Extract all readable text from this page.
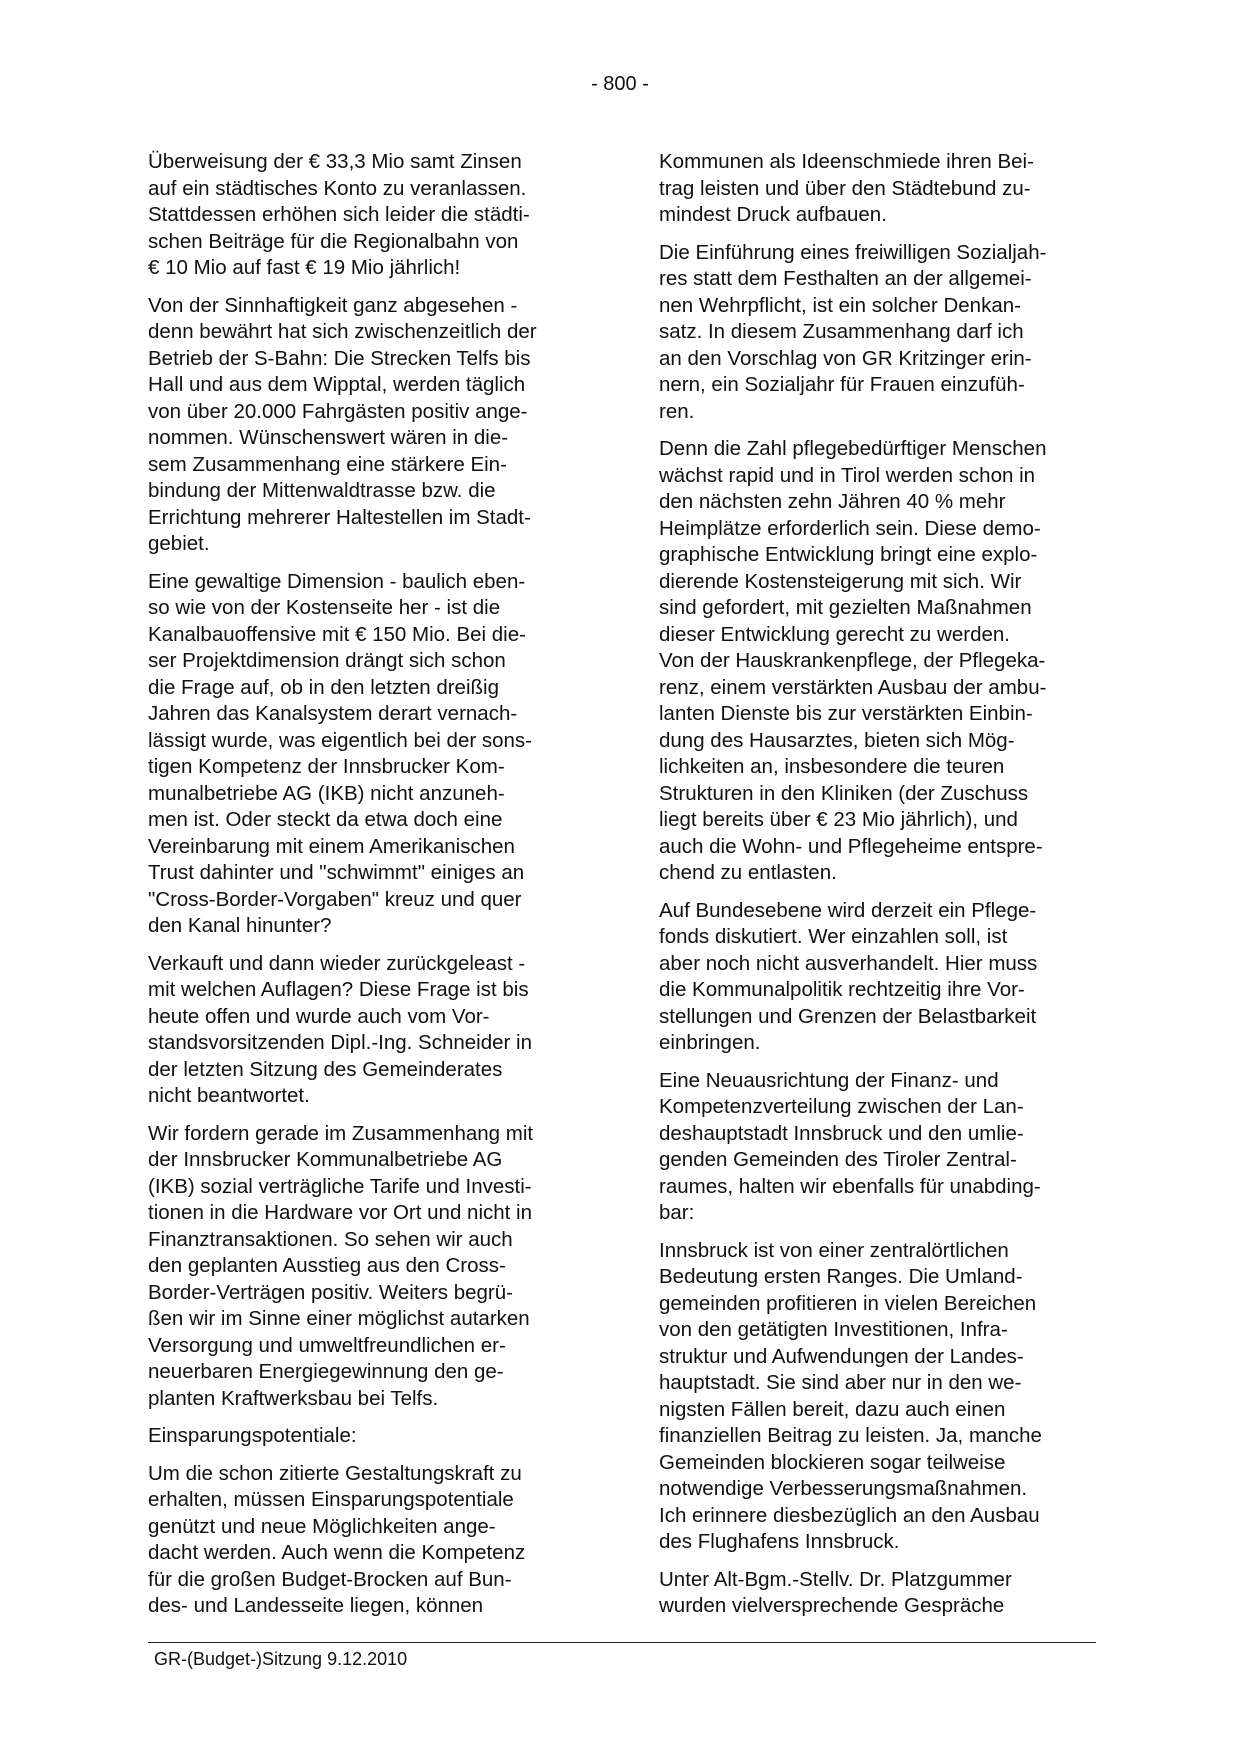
- 800 -

Überweisung der € 33,3 Mio samt Zinsen
auf ein städtisches Konto zu veranlassen.
Stattdessen erhöhen sich leider die städti-
schen Beiträge für die Regionalbahn von
€ 10 Mio auf fast € 19 Mio jährlich!

Von der Sinnhaftigkeit ganz abgesehen -
denn bewährt hat sich zwischenzeitlich der
Betrieb der S-Bahn: Die Strecken Telfs bis
Hall und aus dem Wipptal, werden täglich
von über 20.000 Fahrgästen positiv ange-
nommen. Wünschenswert wären in die-
sem Zusammenhang eine stärkere Ein-
bindung der Mittenwaldtrasse bzw. die
Errichtung mehrerer Haltestellen im Stadt-
gebiet.

Eine gewaltige Dimension - baulich eben-
so wie von der Kostenseite her - ist die
Kanalbauoffensive mit € 150 Mio. Bei die-
ser Projektdimension drängt sich schon
die Frage auf, ob in den letzten dreißig
Jahren das Kanalsystem derart vernach-
lässigt wurde, was eigentlich bei der sons-
tigen Kompetenz der Innsbrucker Kom-
munalbetriebe AG (IKB) nicht anzuneh-
men ist. Oder steckt da etwa doch eine
Vereinbarung mit einem Amerikanischen
Trust dahinter und "schwimmt" einiges an
"Cross-Border-Vorgaben" kreuz und quer
den Kanal hinunter?

Verkauft und dann wieder zurückgeleast -
mit welchen Auflagen? Diese Frage ist bis
heute offen und wurde auch vom Vor-
standsvorsitzenden Dipl.-Ing. Schneider in
der letzten Sitzung des Gemeinderates
nicht beantwortet.

Wir fordern gerade im Zusammenhang mit
der Innsbrucker Kommunalbetriebe AG
(IKB) sozial verträgliche Tarife und Investi-
tionen in die Hardware vor Ort und nicht in
Finanztransaktionen. So sehen wir auch
den geplanten Ausstieg aus den Cross-
Border-Verträgen positiv. Weiters begrü-
ßen wir im Sinne einer möglichst autarken
Versorgung und umweltfreundlichen er-
neuerbaren Energiegewinnung den ge-
planten Kraftwerksbau bei Telfs.

Einsparungspotentiale:

Um die schon zitierte Gestaltungskraft zu
erhalten, müssen Einsparungspotentiale
genützt und neue Möglichkeiten ange-
dacht werden. Auch wenn die Kompetenz
für die großen Budget-Brocken auf Bun-
des- und Landesseite liegen, können

Kommunen als Ideenschmiede ihren Bei-
trag leisten und über den Städtebund zu-
mindest Druck aufbauen.

Die Einführung eines freiwilligen Sozialjah-
res statt dem Festhalten an der allgemei-
nen Wehrpflicht, ist ein solcher Denkan-
satz. In diesem Zusammenhang darf ich
an den Vorschlag von GR Kritzinger erin-
nern, ein Sozialjahr für Frauen einzufüh-
ren.

Denn die Zahl pflegebedürftiger Menschen
wächst rapid und in Tirol werden schon in
den nächsten zehn Jähren 40 % mehr
Heimplätze erforderlich sein. Diese demo-
graphische Entwicklung bringt eine explo-
dierende Kostensteigerung mit sich. Wir
sind gefordert, mit gezielten Maßnahmen
dieser Entwicklung gerecht zu werden.
Von der Hauskrankenpflege, der Pflegeka-
renz, einem verstärkten Ausbau der ambu-
lanten Dienste bis zur verstärkten Einbin-
dung des Hausarztes, bieten sich Mög-
lichkeiten an, insbesondere die teuren
Strukturen in den Kliniken (der Zuschuss
liegt bereits über € 23 Mio jährlich), und
auch die Wohn- und Pflegeheime entspre-
chend zu entlasten.

Auf Bundesebene wird derzeit ein Pflege-
fonds diskutiert. Wer einzahlen soll, ist
aber noch nicht ausverhandelt. Hier muss
die Kommunalpolitik rechtzeitig ihre Vor-
stellungen und Grenzen der Belastbarkeit
einbringen.

Eine Neuausrichtung der Finanz- und
Kompetenzverteilung zwischen der Lan-
deshauptstadt Innsbruck und den umlie-
genden Gemeinden des Tiroler Zentral-
raumes, halten wir ebenfalls für unabding-
bar:

Innsbruck ist von einer zentralörtlichen
Bedeutung ersten Ranges. Die Umland-
gemeinden profitieren in vielen Bereichen
von den getätigten Investitionen, Infra-
struktur und Aufwendungen der Landes-
hauptstadt. Sie sind aber nur in den we-
nigsten Fällen bereit, dazu auch einen
finanziellen Beitrag zu leisten. Ja, manche
Gemeinden blockieren sogar teilweise
notwendige Verbesserungsmaßnahmen.
Ich erinnere diesbezüglich an den Ausbau
des Flughafens Innsbruck.

Unter Alt-Bgm.-Stellv. Dr. Platzgummer
wurden vielversprechende Gespräche

GR-(Budget-)Sitzung 9.12.2010
